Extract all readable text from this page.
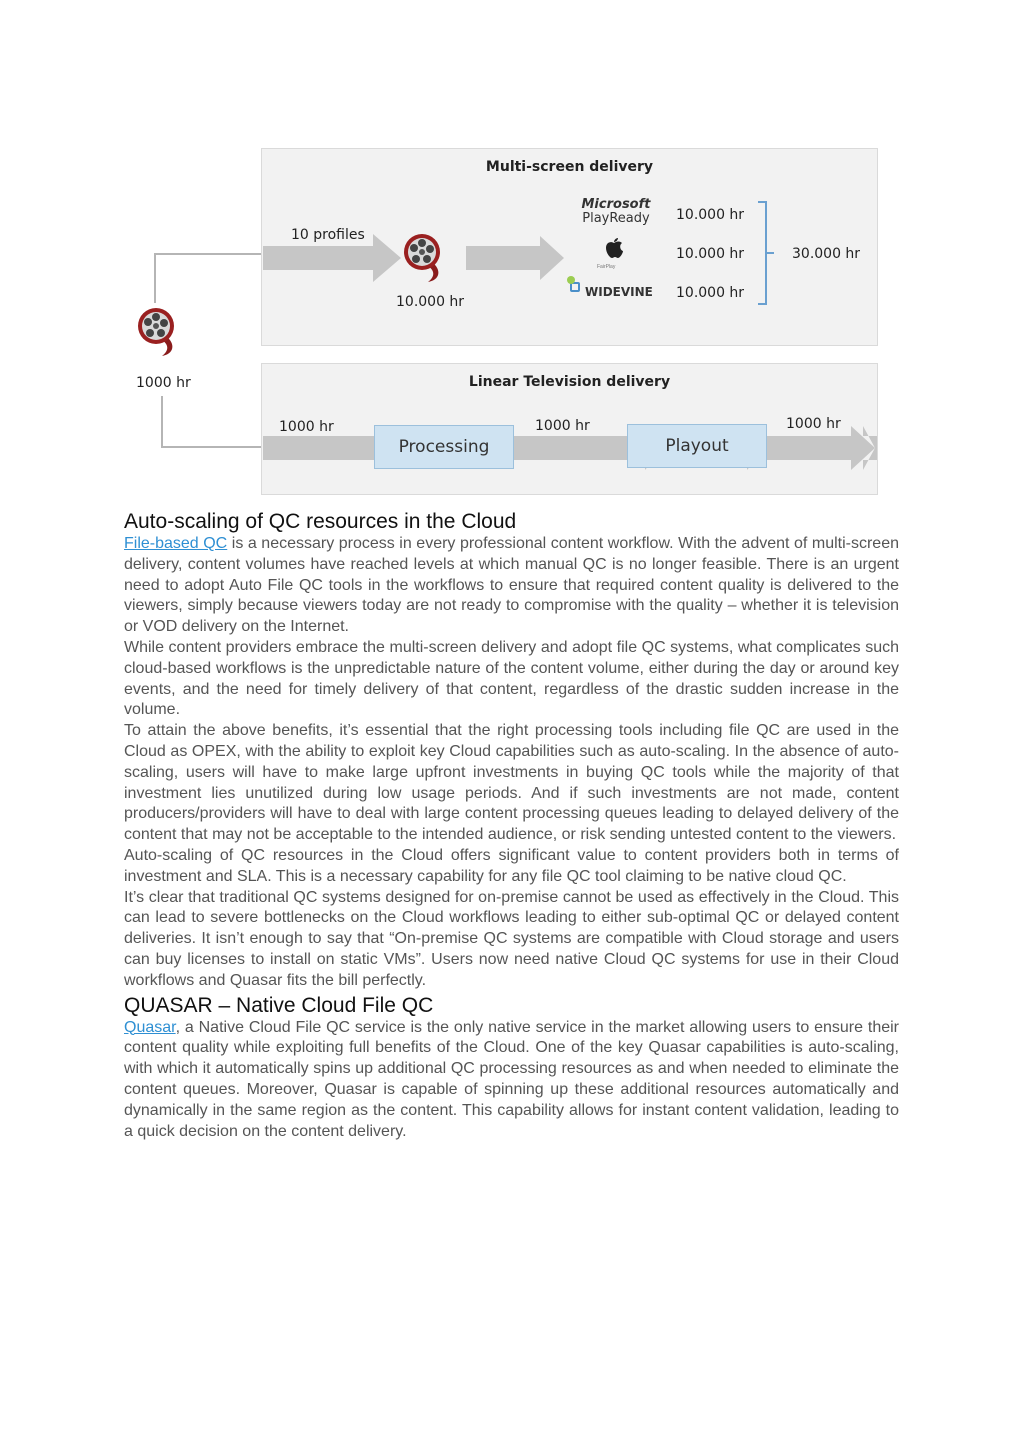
1000 hr
Multi-screen delivery
10 profiles
10.000 hr
Microsoft
PlayReady
FairPlay
WIDEVINE
10.000 hr
10.000 hr
10.000 hr
30.000 hr
Linear Television delivery
Processing	Playout
1000 hr	1000 hr	1000 hr
Auto-scaling of QC resources in the Cloud

File-based QC is a necessary process in every professional content workflow. With the advent of multi-screen delivery, content volumes have reached levels at which manual QC is no longer feasible. There is an urgent need to adopt Auto File QC tools in the workflows to ensure that required content quality is delivered to the viewers, simply because viewers today are not ready to compromise with the quality – whether it is television or VOD delivery on the Internet.

While content providers embrace the multi-screen delivery and adopt file QC systems, what complicates such cloud-based workflows is the unpredictable nature of the content volume, either during the day or around key events, and the need for timely delivery of that content, regardless of the drastic sudden increase in the volume.

To attain the above benefits, it’s essential that the right processing tools including file QC are used in the Cloud as OPEX, with the ability to exploit key Cloud capabilities such as auto-scaling. In the absence of auto-scaling, users will have to make large upfront investments in buying QC tools while the majority of that investment lies unutilized during low usage periods. And if such investments are not made, content producers/providers will have to deal with large content processing queues leading to delayed delivery of the content that may not be acceptable to the intended audience, or risk sending untested content to the viewers.

Auto-scaling of QC resources in the Cloud offers significant value to content providers both in terms of investment and SLA. This is a necessary capability for any file QC tool claiming to be native cloud QC.

It’s clear that traditional QC systems designed for on-premise cannot be used as effectively in the Cloud. This can lead to severe bottlenecks on the Cloud workflows leading to either sub-optimal QC or delayed content deliveries. It isn’t enough to say that “On-premise QC systems are compatible with Cloud storage and users can buy licenses to install on static VMs”. Users now need native Cloud QC systems for use in their Cloud workflows and Quasar fits the bill perfectly.

QUASAR – Native Cloud File QC

Quasar, a Native Cloud File QC service is the only native service in the market allowing users to ensure their content quality while exploiting full benefits of the Cloud. One of the key Quasar capabilities is auto-scaling, with which it automatically spins up additional QC processing resources as and when needed to eliminate the content queues. Moreover, Quasar is capable of spinning up these additional resources automatically and dynamically in the same region as the content. This capability allows for instant content validation, leading to a quick decision on the content delivery.
